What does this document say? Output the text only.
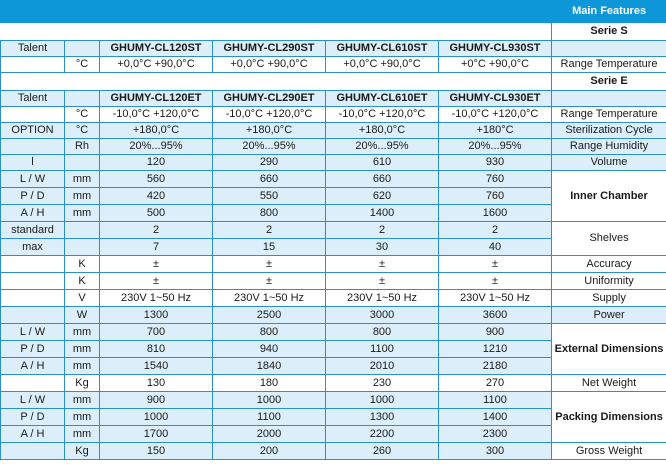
Main Features						
						Serie S
Talent		GHUMY-CL120ST	GHUMY-CL290ST	GHUMY-CL610ST	GHUMY-CL930ST	
	°C	+0,0°C +90,0°C	+0,0°C +90,0°C	+0,0°C +90,0°C	+0°C +90,0°C	Range Temperature
						Serie E
Talent		GHUMY-CL120ET	GHUMY-CL290ET	GHUMY-CL610ET	GHUMY-CL930ET	
	°C	-10,0°C +120,0°C	-10,0°C +120,0°C	-10,0°C +120,0°C	-10,0°C +120,0°C	Range Temperature
OPTION	°C	+180,0°C	+180,0°C	+180,0°C	+180°C	Sterilization Cycle
	Rh	20%...95%	20%...95%	20%...95%	20%...95%	Range Humidity
l		120	290	610	930	Volume
L / W	mm	560	660	660	760	Inner Chamber
P / D	mm	420	550	620	760	
A / H	mm	500	800	1400	1600	
standard		2	2	2	2	Shelves
max		7	15	30	40	
	K	±	±	±	±	Accuracy
	K	±	±	±	±	Uniformity
	V	230V 1~50 Hz	230V 1~50 Hz	230V 1~50 Hz	230V 1~50 Hz	Supply
	W	1300	2500	3000	3600	Power
L / W	mm	700	800	800	900	External Dimensions
P / D	mm	810	940	1100	1210	
A / H	mm	1540	1840	2010	2180	
	Kg	130	180	230	270	Net Weight
L / W	mm	900	1000	1000	1100	Packing Dimensions
P / D	mm	1000	1100	1300	1400	
A / H	mm	1700	2000	2200	2300	
	Kg	150	200	260	300	Gross Weight
